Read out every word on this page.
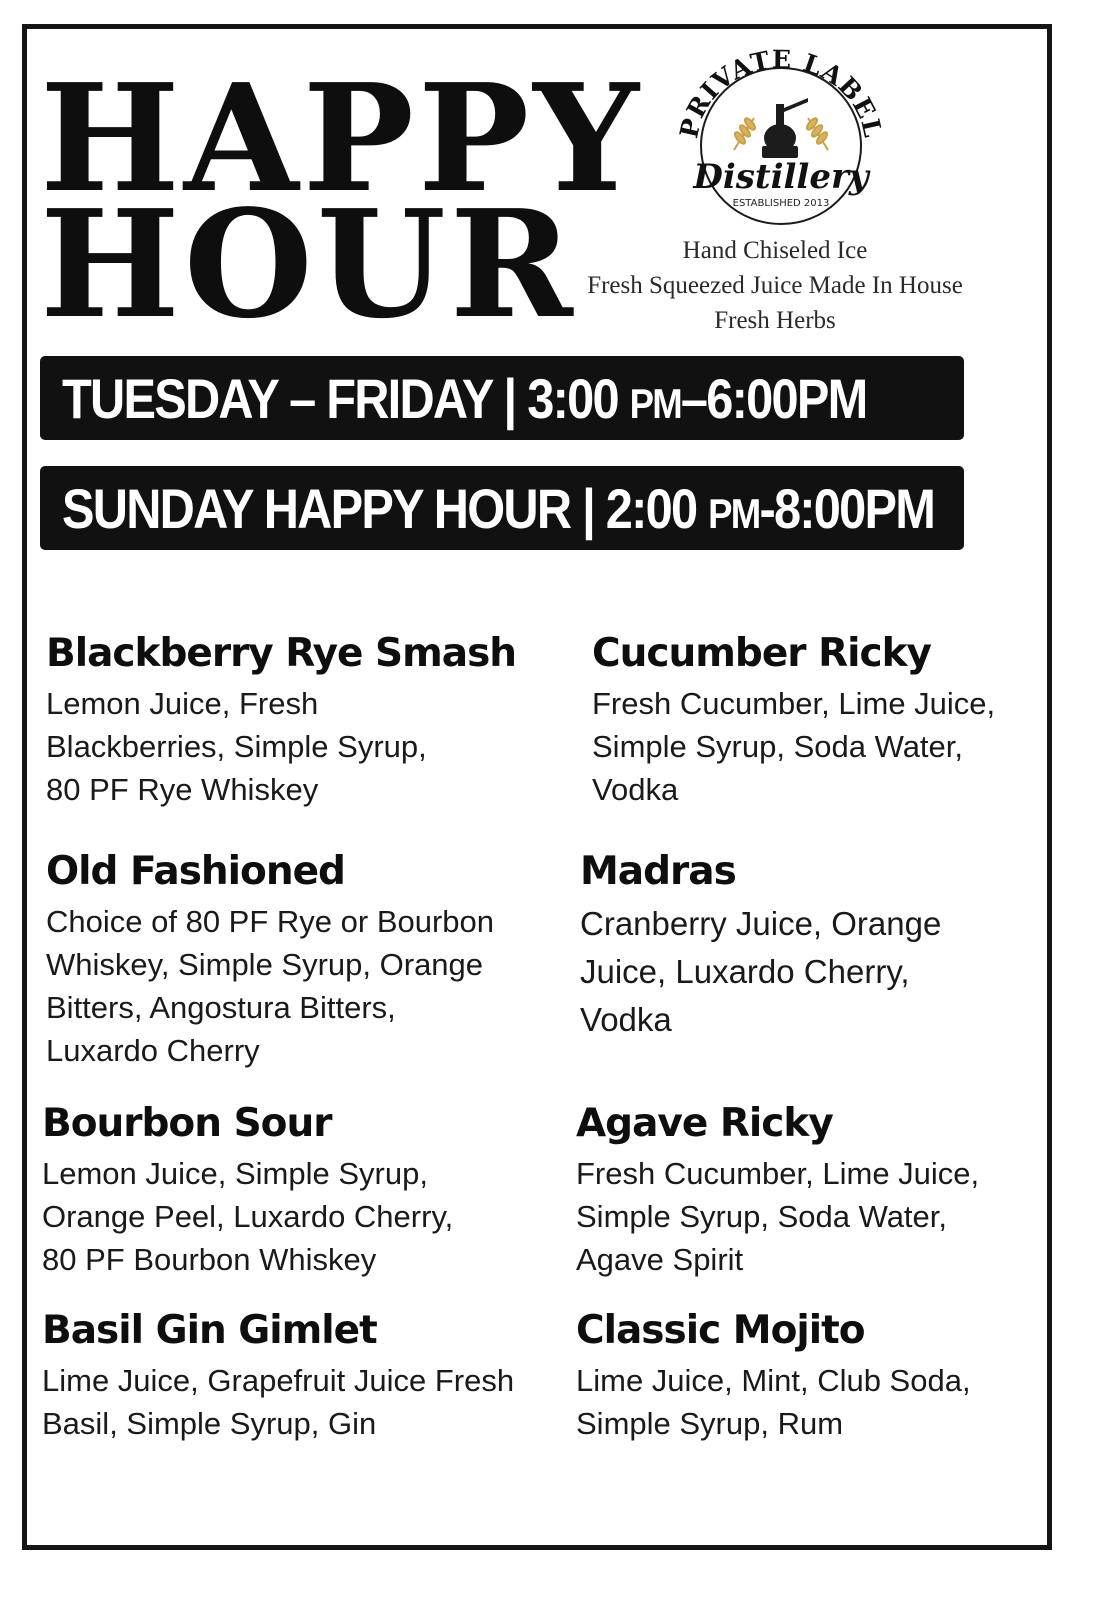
HAPPY
HOUR
PRIVATE LABEL
Distillery
ESTABLISHED 2013
Hand Chiseled Ice
Fresh Squeezed Juice Made In House
Fresh Herbs
TUESDAY – FRIDAY | 3:00 PM–6:00PM
SUNDAY HAPPY HOUR | 2:00 PM-8:00PM
Blackberry Rye Smash
Lemon Juice, Fresh
Blackberries, Simple Syrup,
80 PF Rye Whiskey
Cucumber Ricky
Fresh Cucumber, Lime Juice,
Simple Syrup, Soda Water,
Vodka
Old Fashioned
Choice of 80 PF Rye or Bourbon
Whiskey, Simple Syrup, Orange
Bitters, Angostura Bitters,
Luxardo Cherry
Madras
Cranberry Juice, Orange
Juice, Luxardo Cherry,
Vodka
Bourbon Sour
Lemon Juice, Simple Syrup,
Orange Peel, Luxardo Cherry,
80 PF Bourbon Whiskey
Agave Ricky
Fresh Cucumber, Lime Juice,
Simple Syrup, Soda Water,
Agave Spirit
Basil Gin Gimlet
Lime Juice, Grapefruit Juice Fresh
Basil, Simple Syrup, Gin
Classic Mojito
Lime Juice, Mint, Club Soda,
Simple Syrup, Rum
